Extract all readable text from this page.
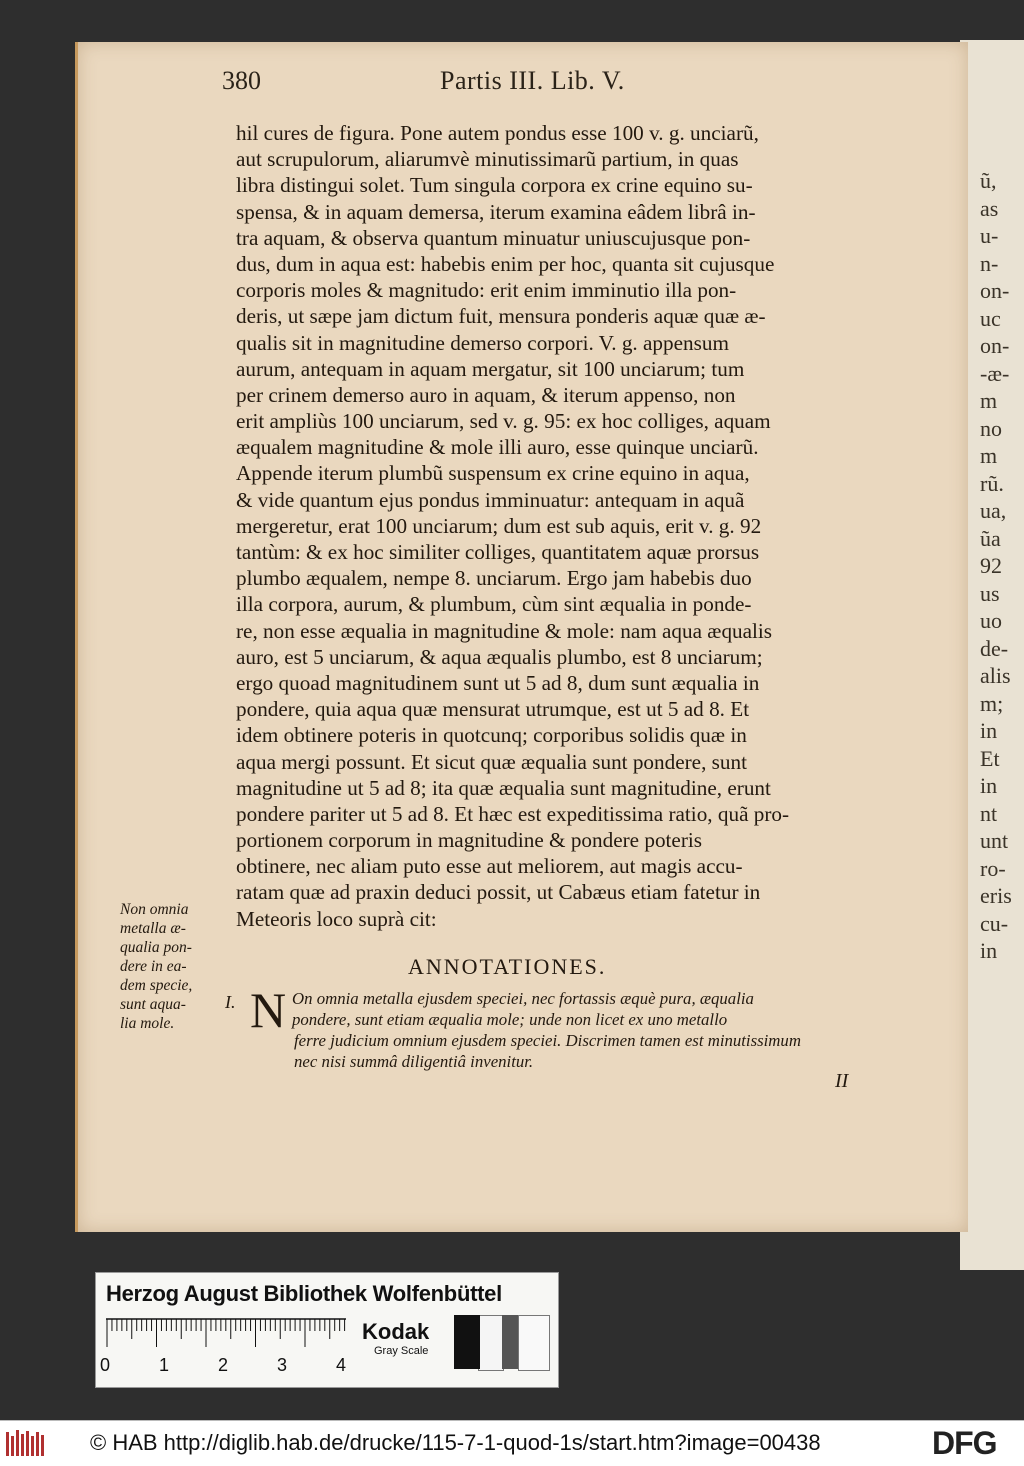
ũ,
as
u-
n-
on-
uc
on-
-æ-
m
no
m
rũ.
ua,
ũa
92
us
uo
de-
alis
m;
in
Et
in
nt
unt
ro-
eris
cu-
in
380	Partis III. Lib. V.
hil cures de figura. Pone autem pondus esse 100 v. g. unciarũ,
aut scrupulorum, aliarumvè minutissimarũ partium, in quas
libra distingui solet. Tum singula corpora ex crine equino su-
spensa, & in aquam demersa, iterum examina eâdem librâ in-
tra aquam, & observa quantum minuatur uniuscujusque pon-
dus, dum in aqua est: habebis enim per hoc, quanta sit cujusque
corporis moles & magnitudo: erit enim imminutio illa pon-
deris, ut sæpe jam dictum fuit, mensura ponderis aquæ quæ æ-
qualis sit in magnitudine demerso corpori. V. g. appensum
aurum, antequam in aquam mergatur, sit 100 unciarum; tum
per crinem demerso auro in aquam, & iterum appenso, non
erit ampliùs 100 unciarum, sed v. g. 95: ex hoc colliges, aquam
æqualem magnitudine & mole illi auro, esse quinque unciarũ.
Appende iterum plumbũ suspensum ex crine equino in aqua,
& vide quantum ejus pondus imminuatur: antequam in aquã
mergeretur, erat 100 unciarum; dum est sub aquis, erit v. g. 92
tantùm: & ex hoc similiter colliges, quantitatem aquæ prorsus
plumbo æqualem, nempe 8. unciarum. Ergo jam habebis duo
illa corpora, aurum, & plumbum, cùm sint æqualia in ponde-
re, non esse æqualia in magnitudine & mole: nam aqua æqualis
auro, est 5 unciarum, & aqua æqualis plumbo, est 8 unciarum;
ergo quoad magnitudinem sunt ut 5 ad 8, dum sunt æqualia in
pondere, quia aqua quæ mensurat utrumque, est ut 5 ad 8. Et
idem obtinere poteris in quotcunq; corporibus solidis quæ in
aqua mergi possunt. Et sicut quæ æqualia sunt pondere, sunt
magnitudine ut 5 ad 8; ita quæ æqualia sunt magnitudine, erunt
pondere pariter ut 5 ad 8. Et hæc est expeditissima ratio, quã pro-
portionem corporum in magnitudine & pondere poteris
obtinere, nec aliam puto esse aut meliorem, aut magis accu-
ratam quæ ad praxin deduci possit, ut Cabæus etiam fatetur in
Meteoris loco suprà cit:
Non omnia
metalla æ-
qualia pon-
dere in ea-
dem specie,
sunt aqua-
lia mole.
ANNOTATIONES.
I. N On omnia metalla ejusdem speciei, nec fortassis æquè pura, æqualia
pondere, sunt etiam æqualia mole; unde non licet ex uno metallo
ferre judicium omnium ejusdem speciei. Discrimen tamen est minutissimum
nec nisi summâ diligentiâ invenitur.
II
Herzog August Bibliothek Wolfenbüttel
0	1	2	3	4
Kodak
Gray Scale
© HAB http://diglib.hab.de/drucke/115-7-1-quod-1s/start.htm?image=00438	DFG
